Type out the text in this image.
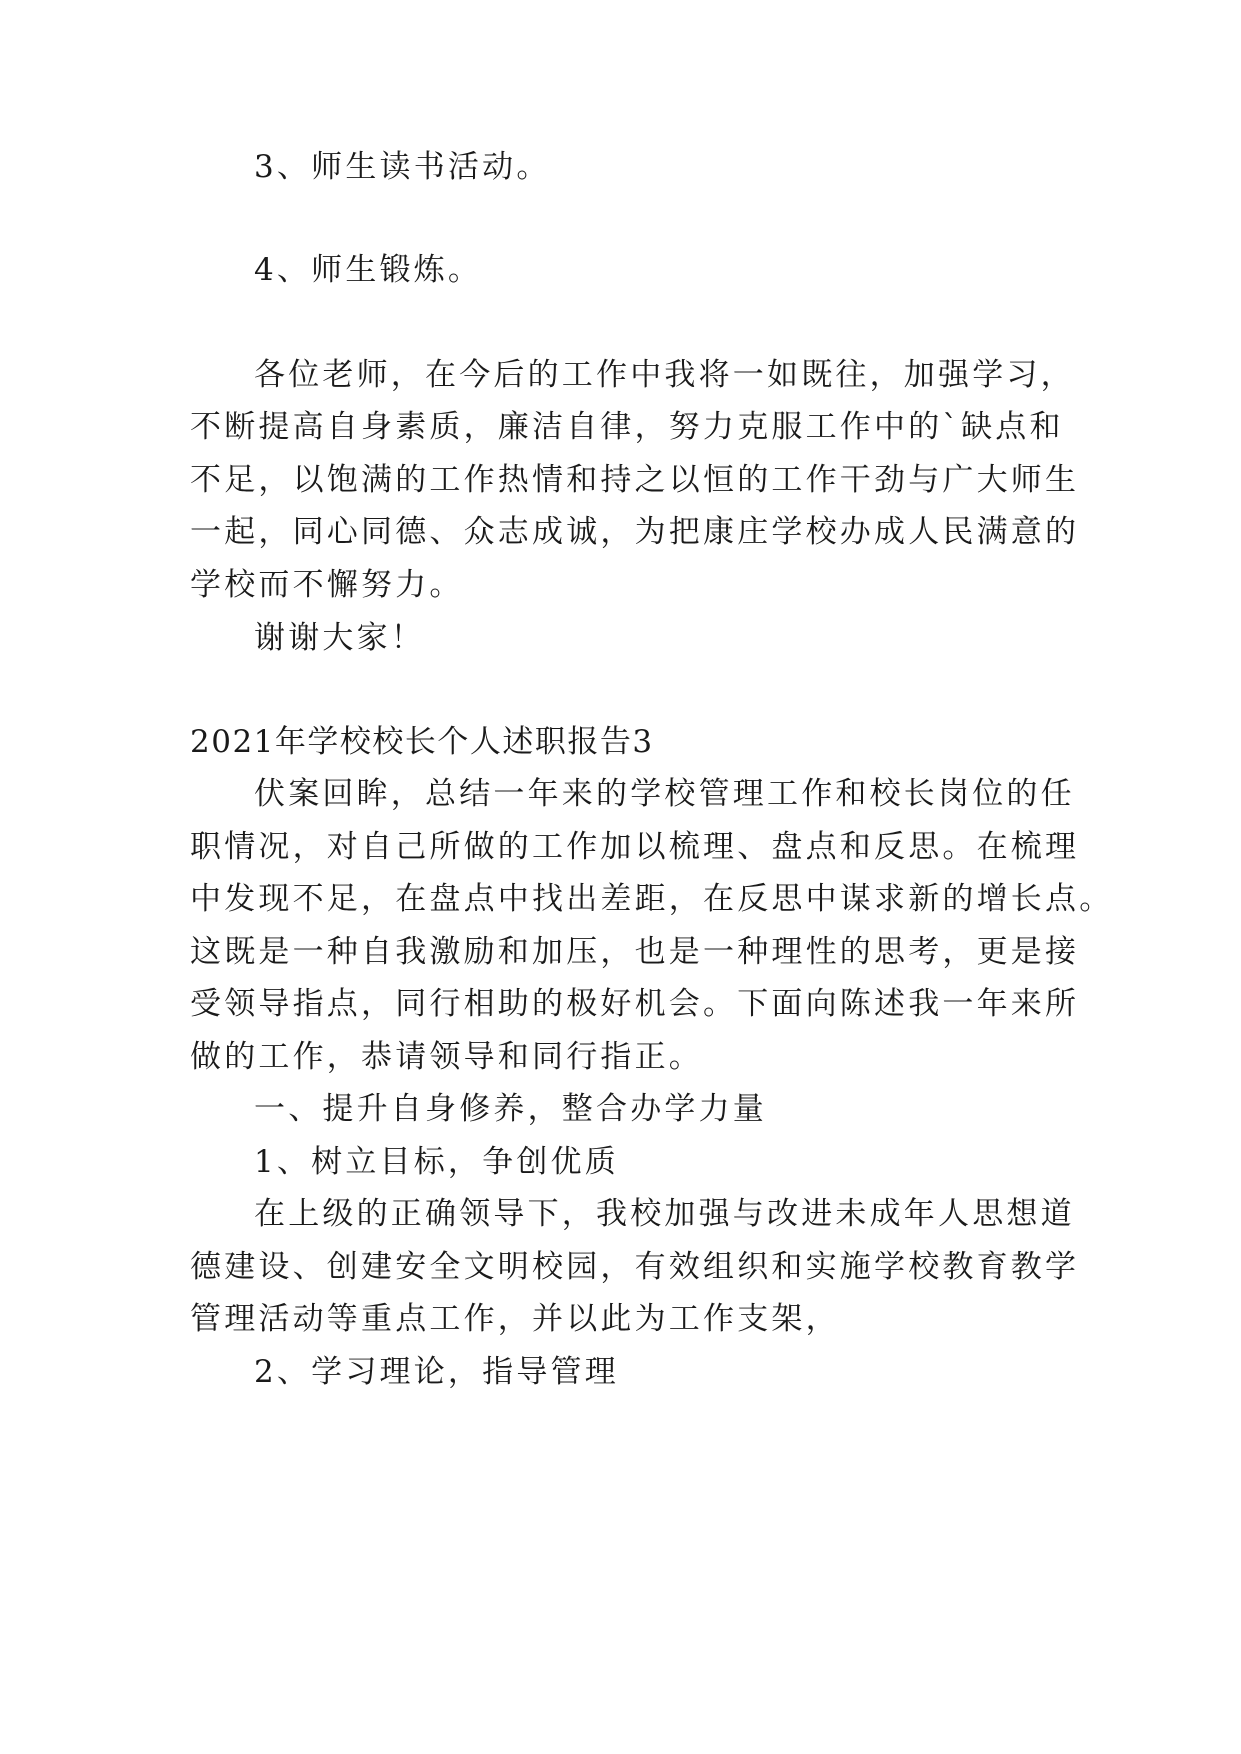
3、师生读书活动。

4、师生锻炼。

各位老师，在今后的工作中我将一如既往，加强学习，

不断提高自身素质，廉洁自律，努力克服工作中的`缺点和

不足，以饱满的工作热情和持之以恒的工作干劲与广大师生

一起，同心同德、众志成诚，为把康庄学校办成人民满意的

学校而不懈努力。

谢谢大家！

2021年学校校长个人述职报告3

伏案回眸，总结一年来的学校管理工作和校长岗位的任

职情况，对自己所做的工作加以梳理、盘点和反思。在梳理

中发现不足，在盘点中找出差距，在反思中谋求新的增长点。

这既是一种自我激励和加压，也是一种理性的思考，更是接

受领导指点，同行相助的极好机会。下面向陈述我一年来所

做的工作，恭请领导和同行指正。

一、提升自身修养，整合办学力量

1、树立目标，争创优质

在上级的正确领导下，我校加强与改进未成年人思想道

德建设、创建安全文明校园，有效组织和实施学校教育教学

管理活动等重点工作，并以此为工作支架，

2、学习理论，指导管理
